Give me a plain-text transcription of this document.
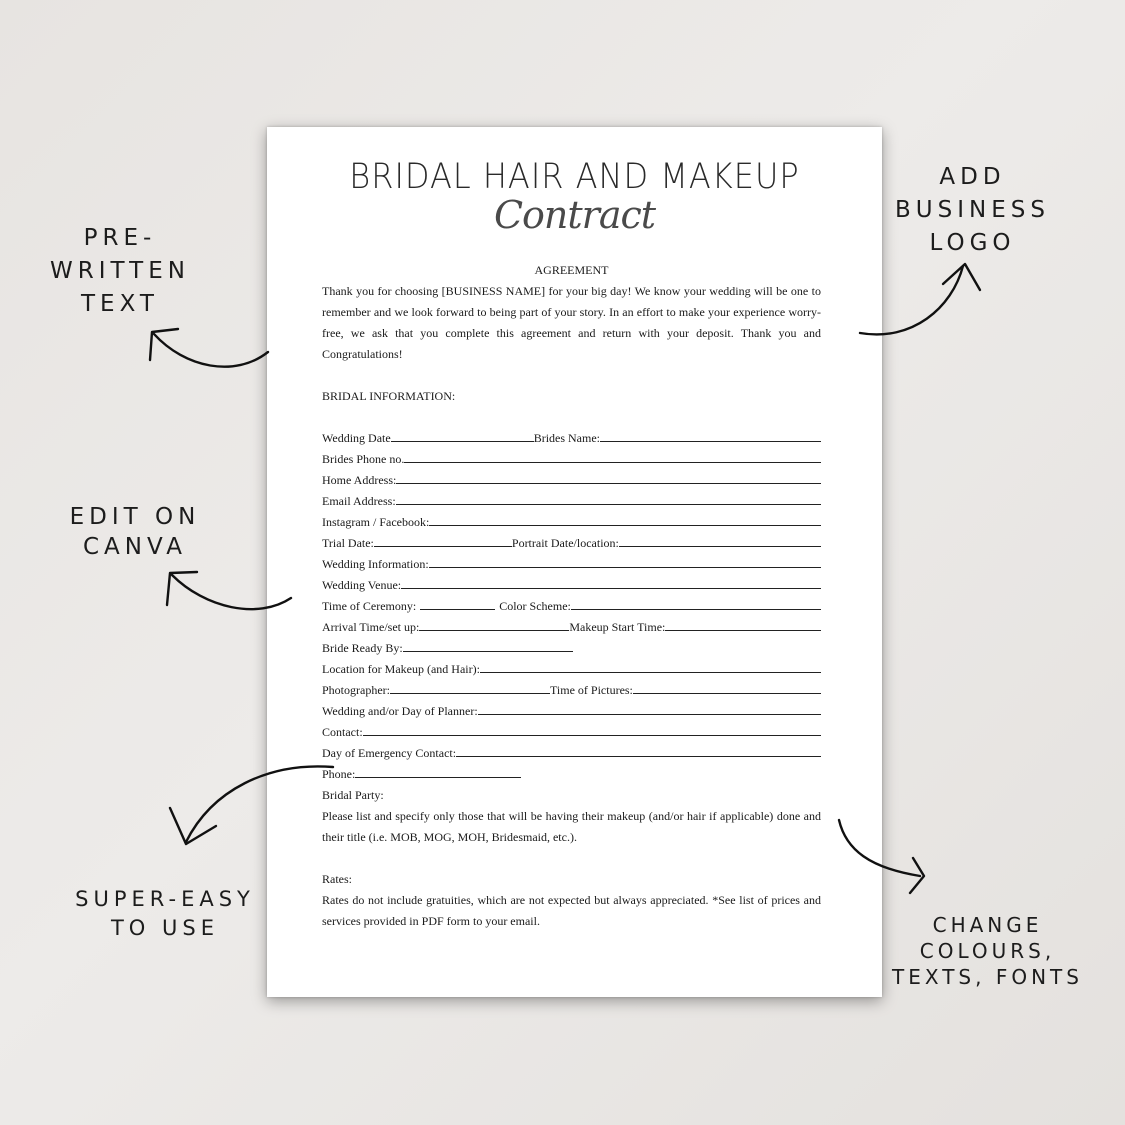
PRE-
WRITTEN
TEXT
EDIT ON
CANVA
SUPER-EASY
TO USE
ADD
BUSINESS
LOGO
CHANGE
COLOURS,
TEXTS, FONTS
BRIDAL HAIR AND MAKEUP
Contract

AGREEMENT

Thank you for choosing [BUSINESS NAME] for your big day! We know your wedding will be one to remember and we look forward to being part of your story. In an effort to make your experience worry-free, we ask that you complete this agreement and return with your deposit. Thank you and Congratulations!

BRIDAL INFORMATION:

Wedding Date	Brides Name:
Brides Phone no.
Home Address:
Email Address:
Instagram / Facebook:
Trial Date:	Portrait Date/location:
Wedding Information:
Wedding Venue:
Time of Ceremony:	Color Scheme:
Arrival Time/set up:	Makeup Start Time:
Bride Ready By:
Location for Makeup (and Hair):
Photographer:	Time of Pictures:
Wedding and/or Day of Planner:
Contact:
Day of Emergency Contact:
Phone:

Bridal Party:

Please list and specify only those that will be having their makeup (and/or hair if applicable) done and their title (i.e. MOB, MOG, MOH, Bridesmaid, etc.).

Rates:

Rates do not include gratuities, which are not expected but always appreciated. *See list of prices and services provided in PDF form to your email.
